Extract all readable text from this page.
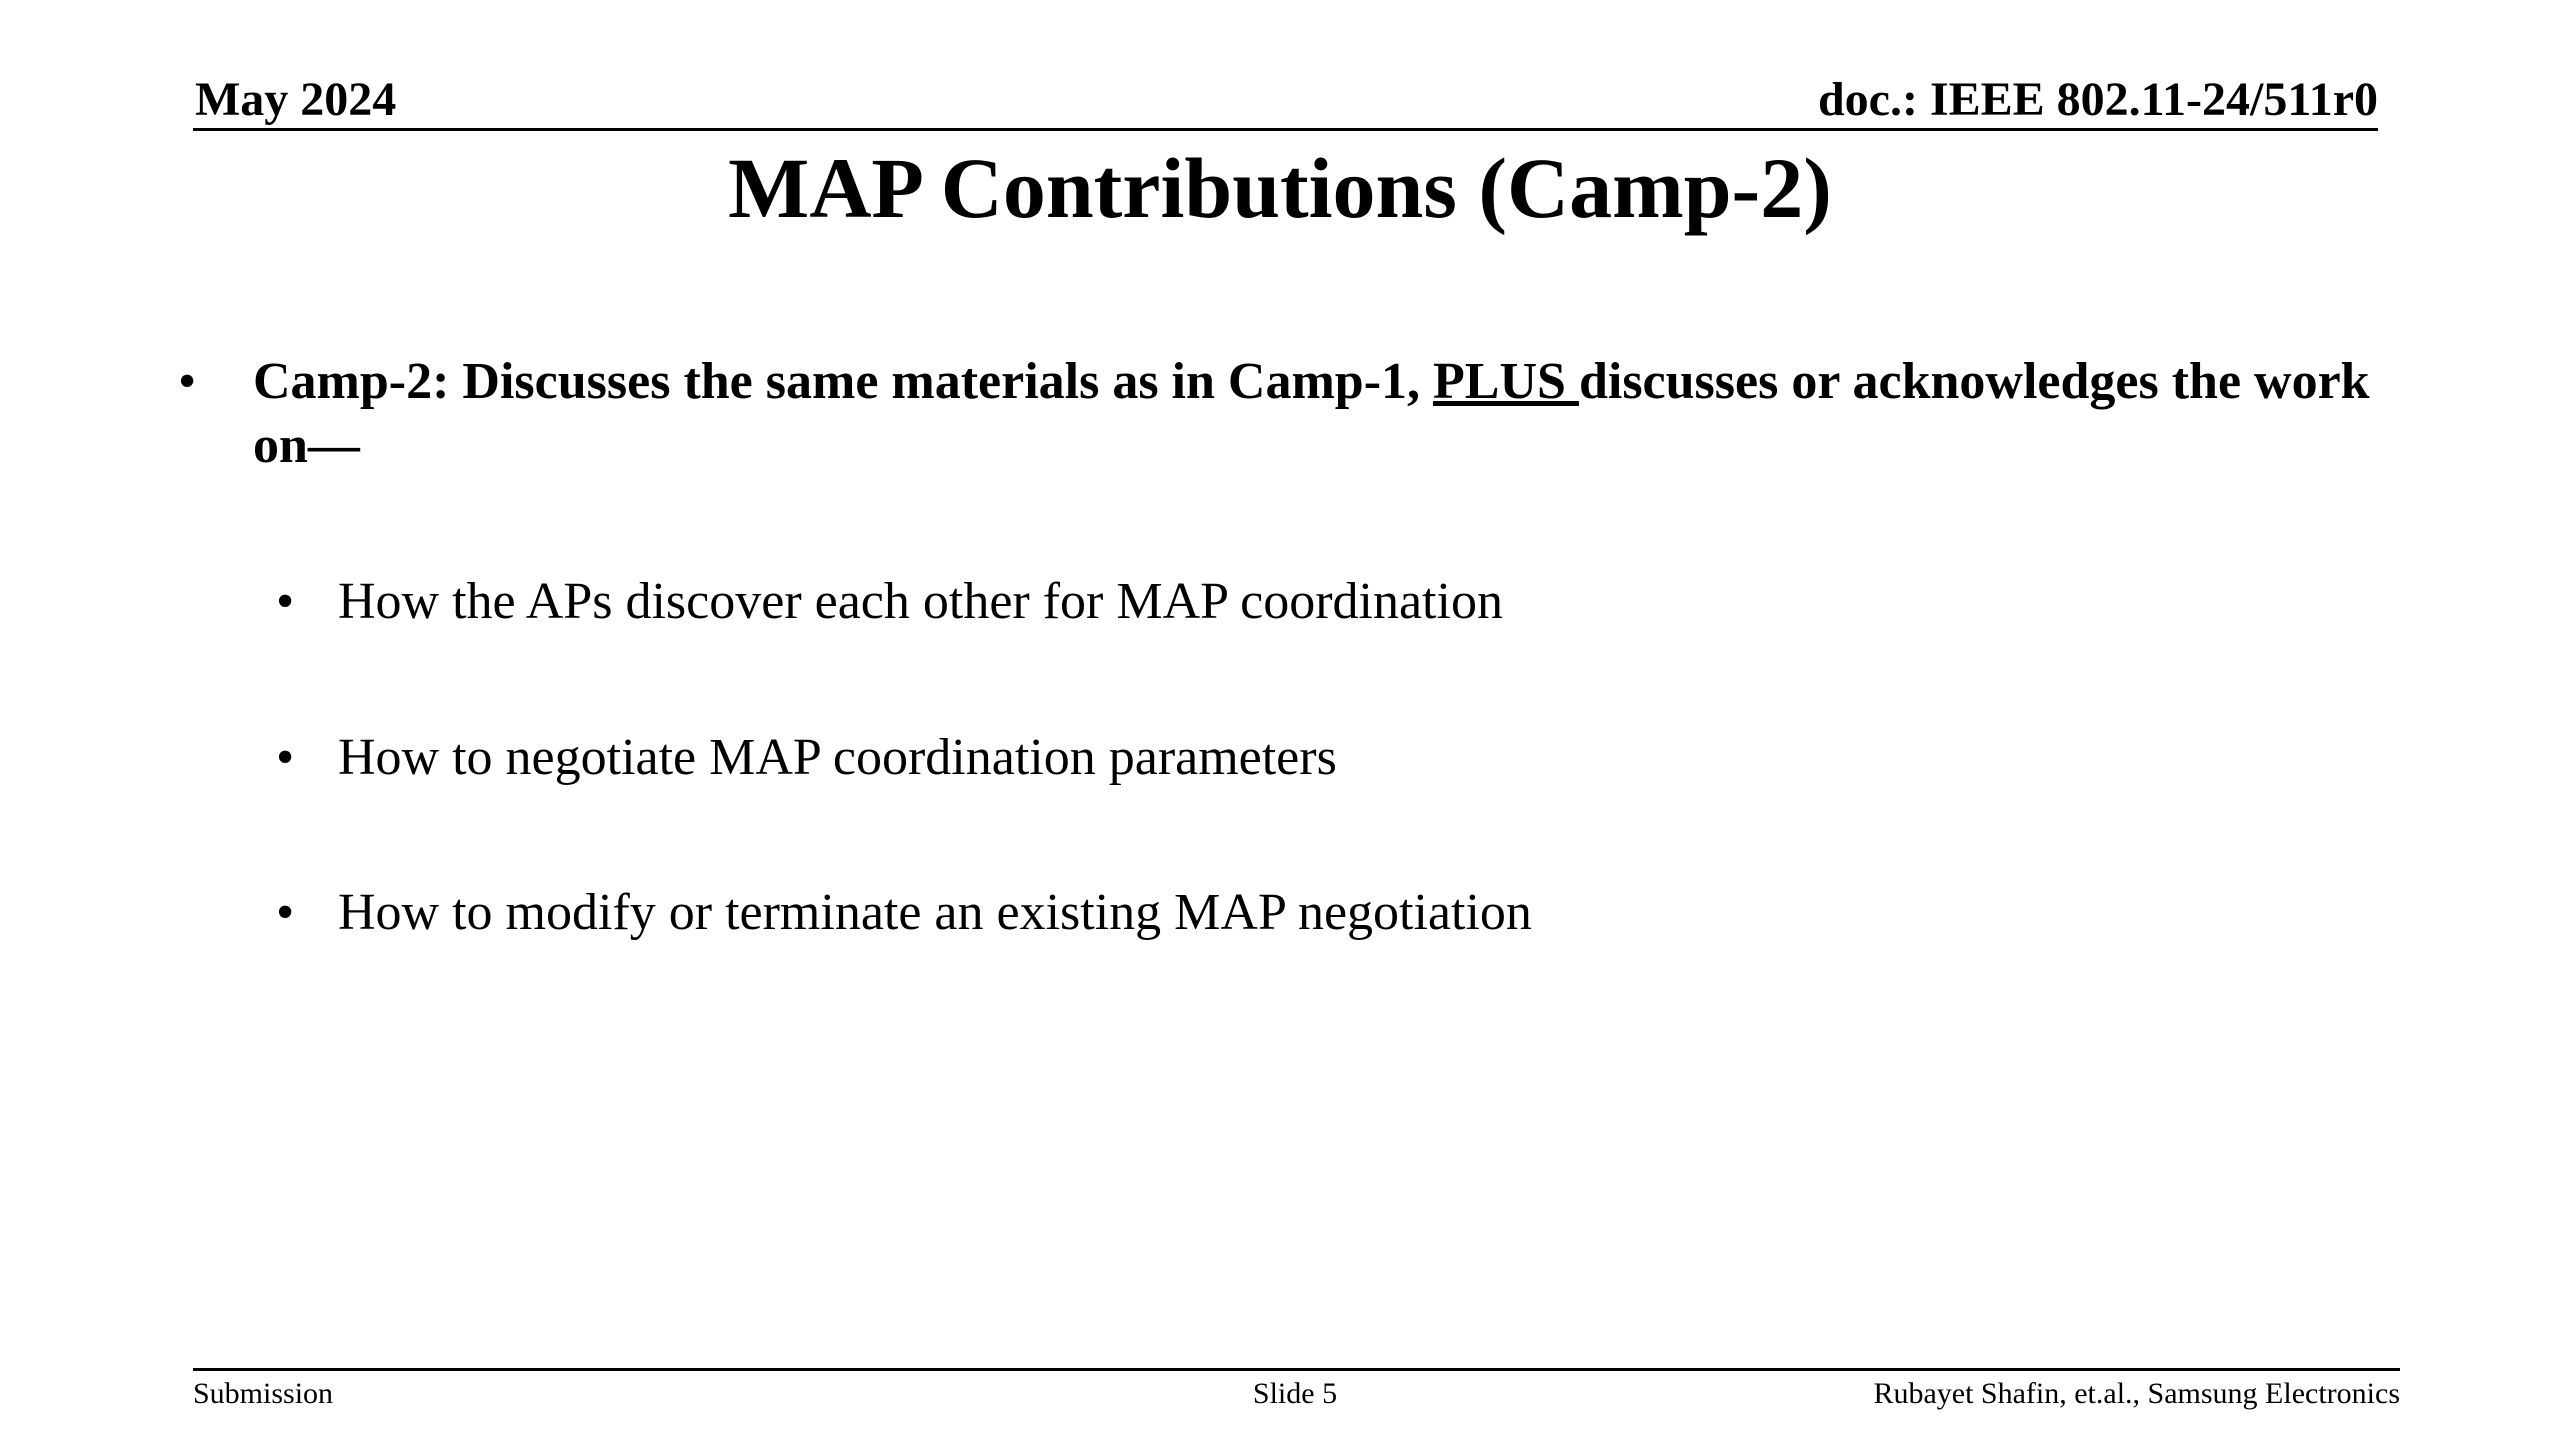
May 2024	doc.: IEEE 802.11-24/511r0
MAP Contributions (Camp-2)
• Camp-2: Discusses the same materials as in Camp-1, PLUS discusses or acknowledges the work on—
• How the APs discover each other for MAP coordination
• How to negotiate MAP coordination parameters
• How to modify or terminate an existing MAP negotiation
Submission	Slide 5	Rubayet Shafin, et.al., Samsung Electronics
